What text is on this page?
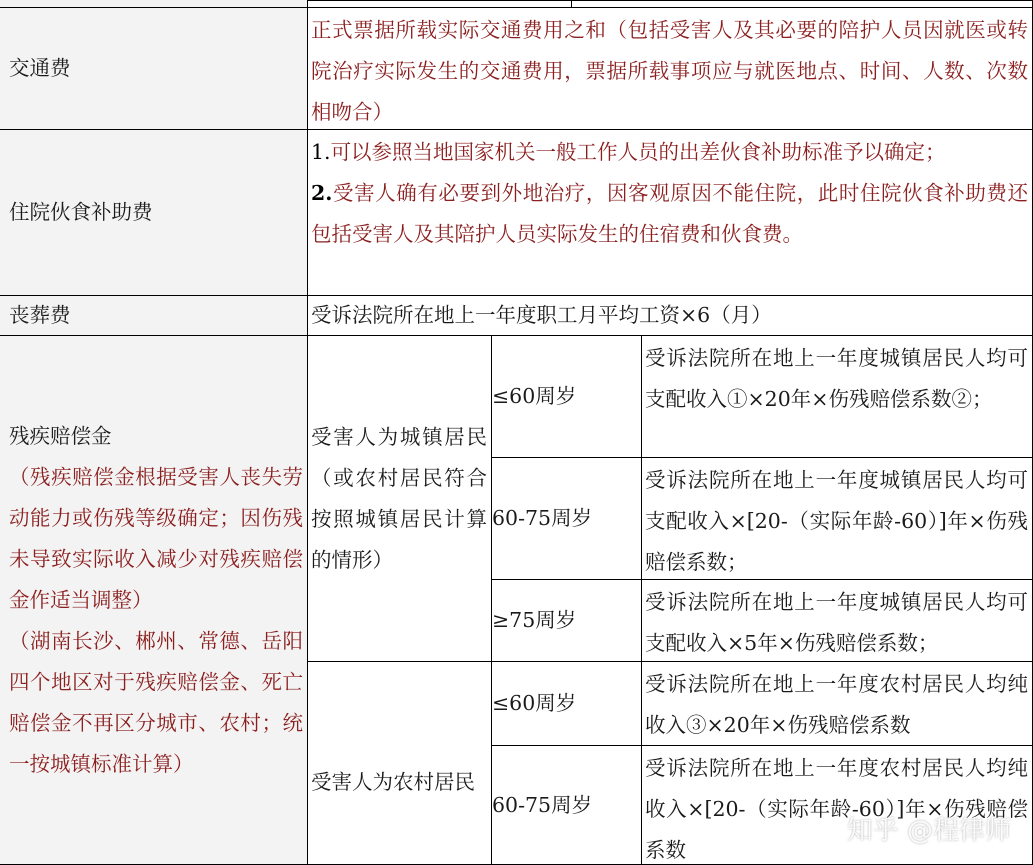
交通费
正式票据所载实际交通费用之和（包括受害人及其必要的陪护人员因就医或转院治疗实际发生的交通费用，票据所载事项应与就医地点、时间、人数、次数相吻合）
住院伙食补助费
1.可以参照当地国家机关一般工作人员的出差伙食补助标准予以确定；
2.受害人确有必要到外地治疗，因客观原因不能住院，此时住院伙食补助费还包括受害人及其陪护人员实际发生的住宿费和伙食费。
丧葬费	受诉法院所在地上一年度职工月平均工资×6（月）
残疾赔偿金
（残疾赔偿金根据受害人丧失劳动能力或伤残等级确定；因伤残未导致实际收入减少对残疾赔偿金作适当调整）
（湖南长沙、郴州、常德、岳阳四个地区对于残疾赔偿金、死亡赔偿金不再区分城市、农村；统一按城镇标准计算）
受害人为城镇居民（或农村居民符合按照城镇居民计算的情形）
≤60周岁
受诉法院所在地上一年度城镇居民人均可支配收入①×20年×伤残赔偿系数②；
60-75周岁
受诉法院所在地上一年度城镇居民人均可支配收入×[20-（实际年龄-60）]年×伤残赔偿系数；
≥75周岁
受诉法院所在地上一年度城镇居民人均可支配收入×5年×伤残赔偿系数；
受害人为农村居民
≤60周岁
受诉法院所在地上一年度农村居民人均纯收入③×20年×伤残赔偿系数
60-75周岁
受诉法院所在地上一年度农村居民人均纯收入×[20-（实际年龄-60）]年×伤残赔偿系数
知乎 @程律师
